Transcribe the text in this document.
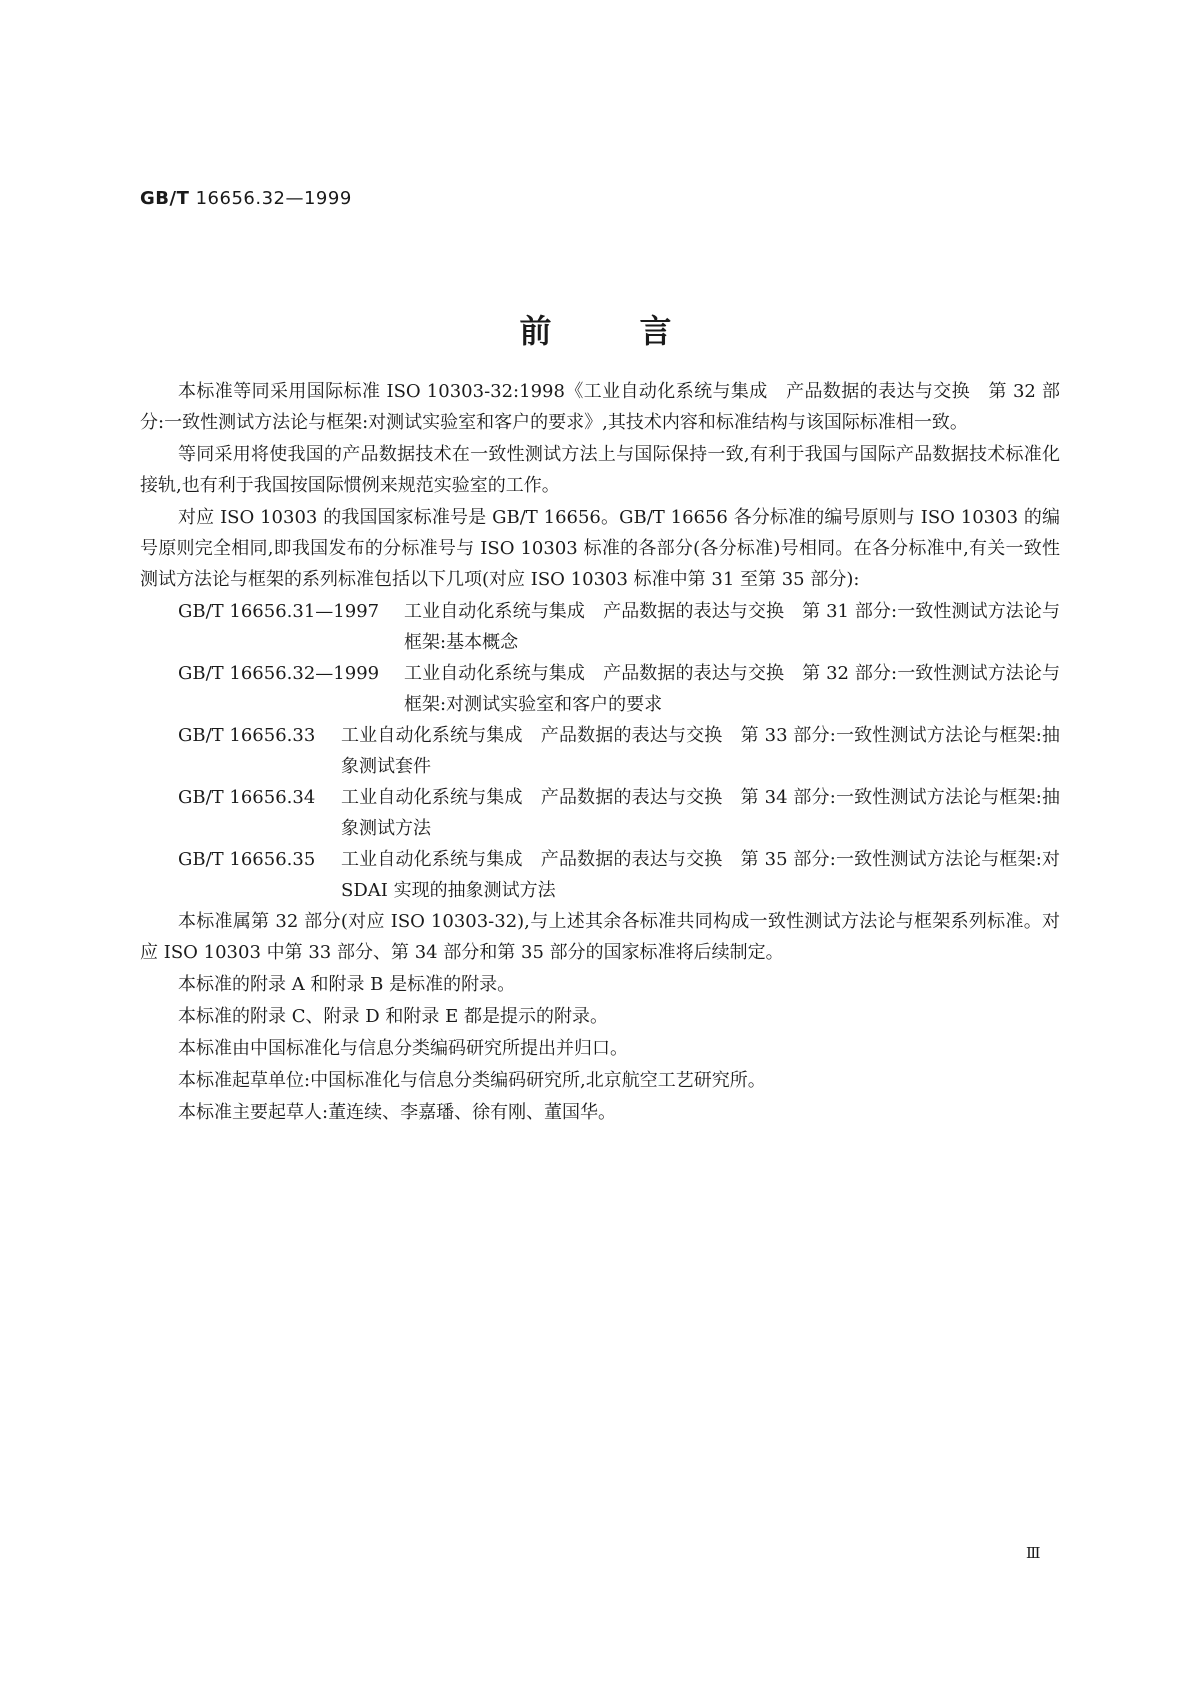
GB/T 16656.32—1999
前言

本标准等同采用国际标准 ISO 10303-32:1998《工业自动化系统与集成　产品数据的表达与交换　第 32 部分:一致性测试方法论与框架:对测试实验室和客户的要求》,其技术内容和标准结构与该国际标准相一致。

等同采用将使我国的产品数据技术在一致性测试方法上与国际保持一致,有利于我国与国际产品数据技术标准化接轨,也有利于我国按国际惯例来规范实验室的工作。

对应 ISO 10303 的我国国家标准号是 GB/T 16656。GB/T 16656 各分标准的编号原则与 ISO 10303 的编号原则完全相同,即我国发布的分标准号与 ISO 10303 标准的各部分(各分标准)号相同。在各分标准中,有关一致性测试方法论与框架的系列标准包括以下几项(对应 ISO 10303 标准中第 31 至第 35 部分):

GB/T 16656.31—1997	工业自动化系统与集成　产品数据的表达与交换　第 31 部分:一致性测试方法论与框架:基本概念
GB/T 16656.32—1999	工业自动化系统与集成　产品数据的表达与交换　第 32 部分:一致性测试方法论与框架:对测试实验室和客户的要求
GB/T 16656.33	工业自动化系统与集成　产品数据的表达与交换　第 33 部分:一致性测试方法论与框架:抽象测试套件
GB/T 16656.34	工业自动化系统与集成　产品数据的表达与交换　第 34 部分:一致性测试方法论与框架:抽象测试方法
GB/T 16656.35	工业自动化系统与集成　产品数据的表达与交换　第 35 部分:一致性测试方法论与框架:对 SDAI 实现的抽象测试方法

本标准属第 32 部分(对应 ISO 10303-32),与上述其余各标准共同构成一致性测试方法论与框架系列标准。对应 ISO 10303 中第 33 部分、第 34 部分和第 35 部分的国家标准将后续制定。

本标准的附录 A 和附录 B 是标准的附录。

本标准的附录 C、附录 D 和附录 E 都是提示的附录。

本标准由中国标准化与信息分类编码研究所提出并归口。

本标准起草单位:中国标准化与信息分类编码研究所,北京航空工艺研究所。

本标准主要起草人:董连续、李嘉璠、徐有刚、董国华。

Ⅲ
